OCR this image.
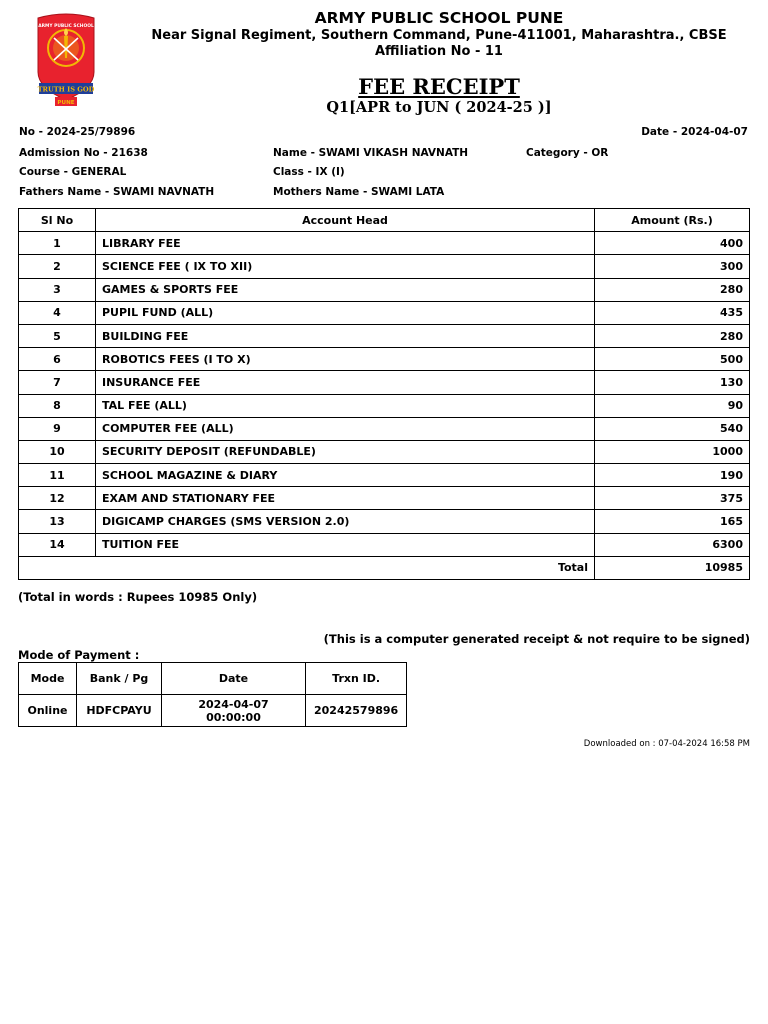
ARMY PUBLIC SCHOOL
TRUTH IS GOD
PUNE
ARMY PUBLIC SCHOOL PUNE
Near Signal Regiment, Southern Command, Pune-411001, Maharashtra., CBSE
Affiliation No - 11
FEE RECEIPT
Q1[APR to JUN ( 2024-25 )]
No - 2024-25/79896	Date - 2024-04-07
Admission No - 21638	Name - SWAMI VIKASH NAVNATH	Category - OR
Course - GENERAL	Class - IX (I)
Fathers Name - SWAMI NAVNATH	Mothers Name - SWAMI LATA
Sl No	Account Head	Amount (Rs.)
1	LIBRARY FEE	400
2	SCIENCE FEE ( IX TO XII)	300
3	GAMES & SPORTS FEE	280
4	PUPIL FUND (ALL)	435
5	BUILDING FEE	280
6	ROBOTICS FEES (I TO X)	500
7	INSURANCE FEE	130
8	TAL FEE (ALL)	90
9	COMPUTER FEE (ALL)	540
10	SECURITY DEPOSIT (REFUNDABLE)	1000
11	SCHOOL MAGAZINE & DIARY	190
12	EXAM AND STATIONARY FEE	375
13	DIGICAMP CHARGES (SMS VERSION 2.0)	165
14	TUITION FEE	6300
Total		10985
(Total in words : Rupees 10985 Only)
(This is a computer generated receipt & not require to be signed)
Mode of Payment :
Mode	Bank / Pg	Date	Trxn ID.
Online	HDFCPAYU	2024-04-07 00:00:00	20242579896
Downloaded on : 07-04-2024 16:58 PM
